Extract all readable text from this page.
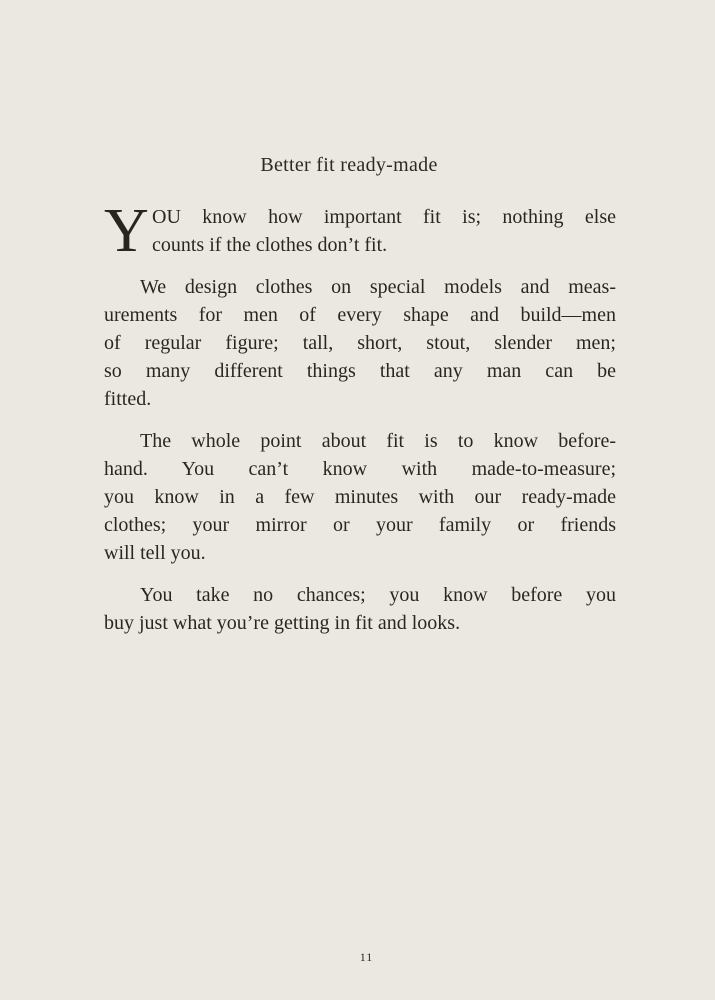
Better fit ready-made
Y OU know how important fit is; nothing else
counts if the clothes don’t fit.
We design clothes on special models and meas-
urements for men of every shape and build—men
of regular figure; tall, short, stout, slender men;
so many different things that any man can be
fitted.
The whole point about fit is to know before-
hand. You can’t know with made-to-measure;
you know in a few minutes with our ready-made
clothes; your mirror or your family or friends
will tell you.
You take no chances; you know before you
buy just what you’re getting in fit and looks.
11
